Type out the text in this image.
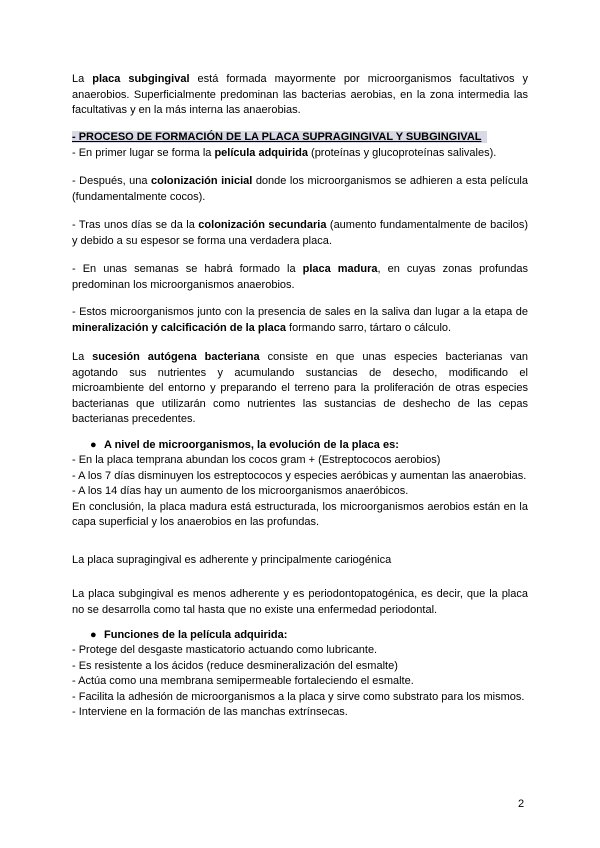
La placa subgingival está formada mayormente por microorganismos facultativos y anaerobios. Superficialmente predominan las bacterias aerobias, en la zona intermedia las facultativas y en la más interna las anaerobias.
- PROCESO DE FORMACIÓN DE LA PLACA SUPRAGINGIVAL Y SUBGINGIVAL
- En primer lugar se forma la película adquirida (proteínas y glucoproteínas salivales).
- Después, una colonización inicial donde los microorganismos se adhieren a esta película (fundamentalmente cocos).
- Tras unos días se da la colonización secundaria (aumento fundamentalmente de bacilos) y debido a su espesor se forma una verdadera placa.
- En unas semanas se habrá formado la placa madura, en cuyas zonas profundas predominan los microorganismos anaerobios.
- Estos microorganismos junto con la presencia de sales en la saliva dan lugar a la etapa de mineralización y calcificación de la placa formando sarro, tártaro o cálculo.
La sucesión autógena bacteriana consiste en que unas especies bacterianas van agotando sus nutrientes y acumulando sustancias de desecho, modificando el microambiente del entorno y preparando el terreno para la proliferación de otras especies bacterianas que utilizarán como nutrientes las sustancias de deshecho de las cepas bacterianas precedentes.
● A nivel de microorganismos, la evolución de la placa es:
- En la placa temprana abundan los cocos gram + (Estreptococos aerobios)
- A los 7 días disminuyen los estreptococos y especies aeróbicas y aumentan las anaerobias.
- A los 14 días hay un aumento de los microorganismos anaeróbicos.
En conclusión, la placa madura está estructurada, los microorganismos aerobios están en la capa superficial y los anaerobios en las profundas.
La placa supragingival es adherente y principalmente cariogénica
La placa subgingival es menos adherente y es periodontopatogénica, es decir, que la placa no se desarrolla como tal hasta que no existe una enfermedad periodontal.
● Funciones de la película adquirida:
- Protege del desgaste masticatorio actuando como lubricante.
- Es resistente a los ácidos (reduce desmineralización del esmalte)
- Actúa como una membrana semipermeable fortaleciendo el esmalte.
- Facilita la adhesión de microorganismos a la placa y sirve como substrato para los mismos.
- Interviene en la formación de las manchas extrínsecas.
2
